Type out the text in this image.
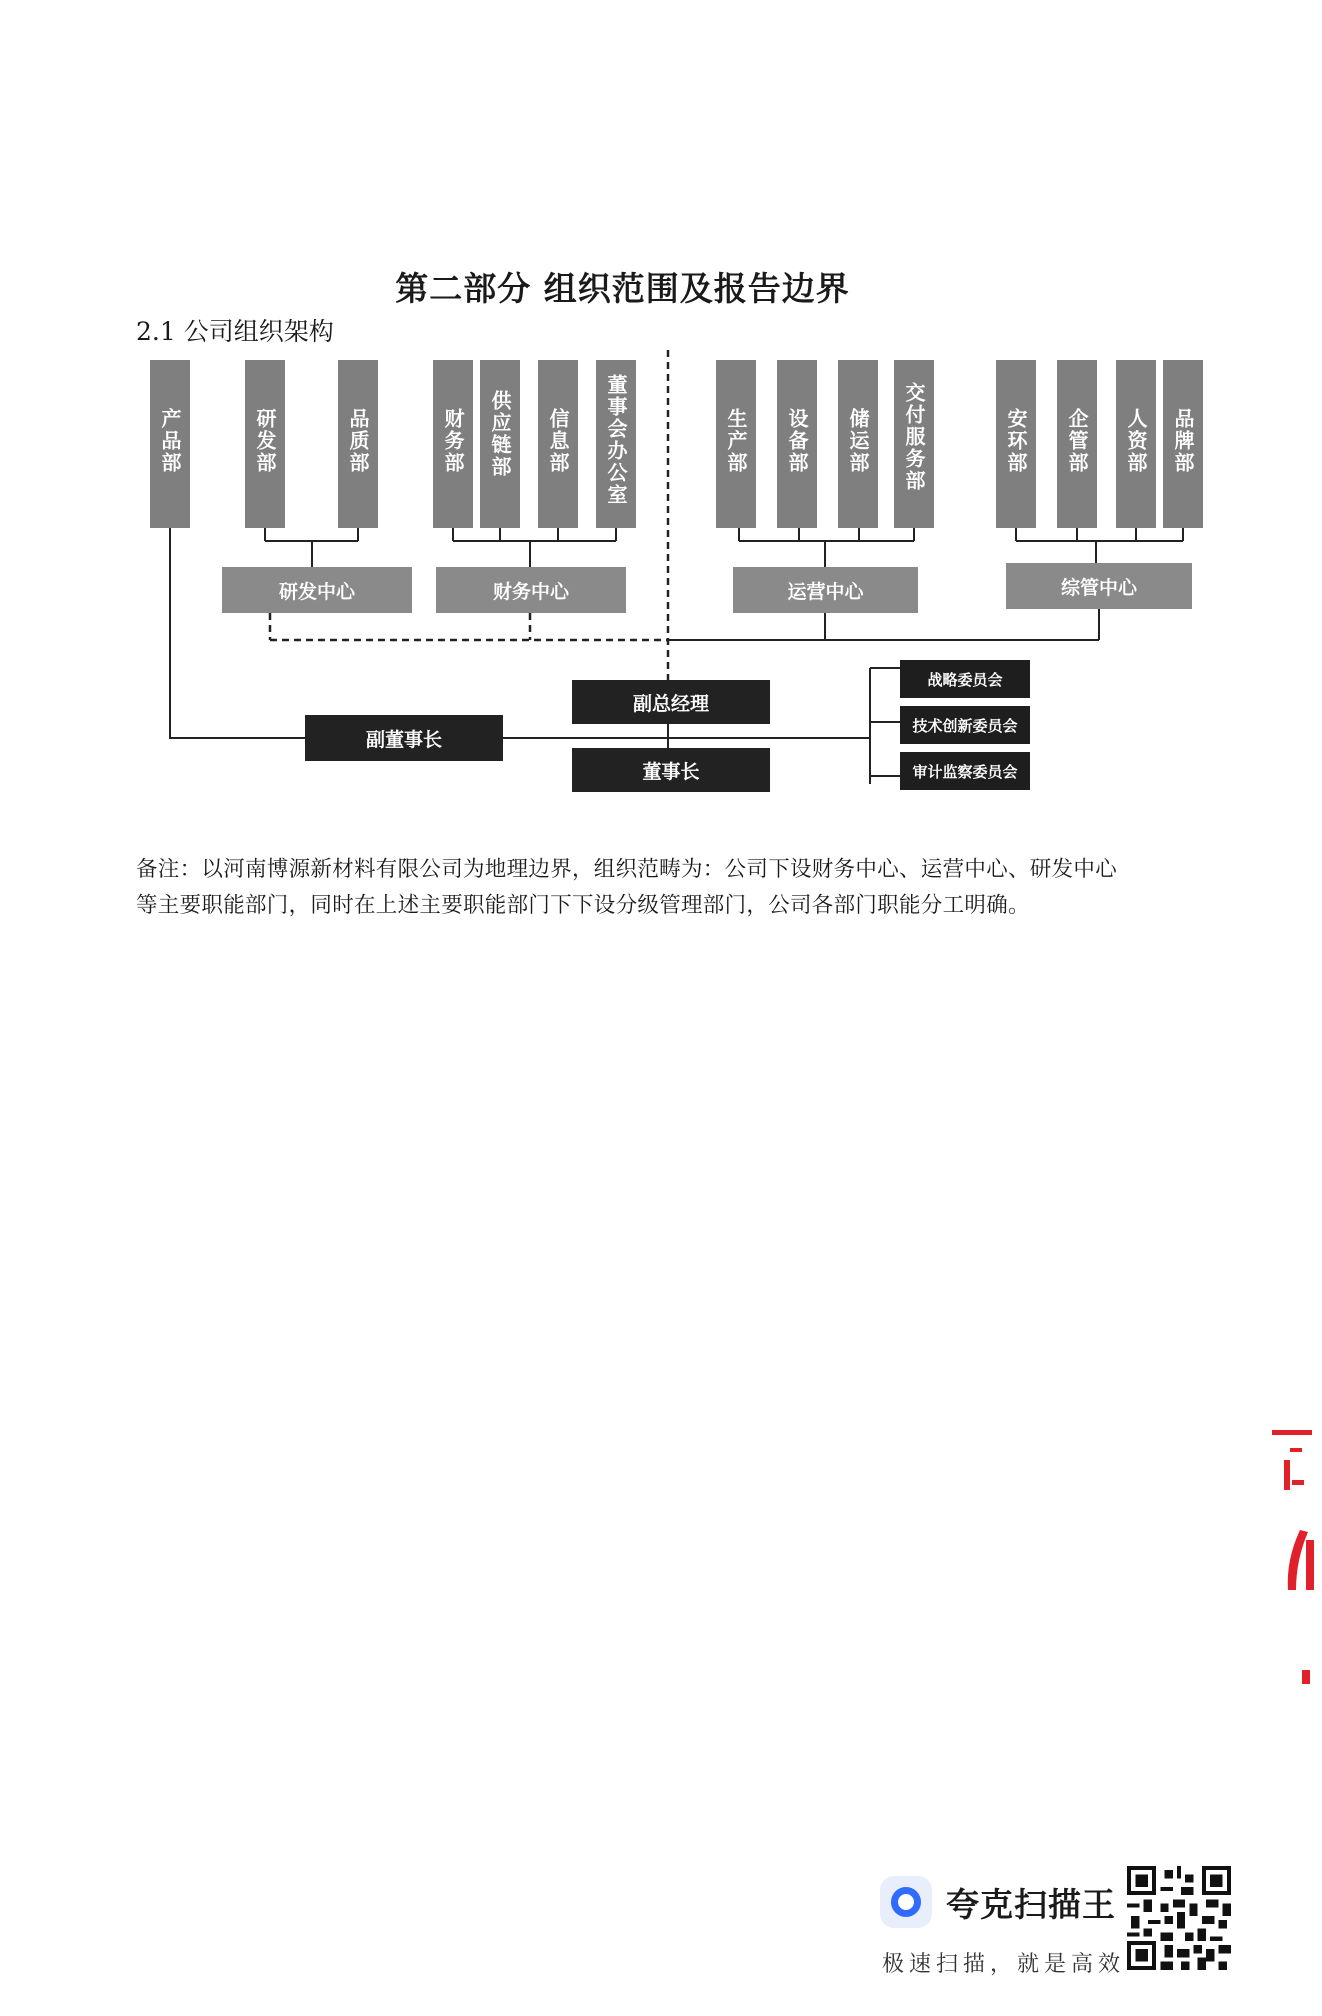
第二部分 组织范围及报告边界
2.1 公司组织架构
产品部	研发部	品质部	财务部 供应链部 信息部 董事会办公室	生产部 设备部 储运部 交付服务部	安环部 企管部 人资部 品牌部
研发中心	财务中心	运营中心	综管中心
副董事长
副总经理
董事长
战略委员会
技术创新委员会
审计监察委员会
备注：以河南博源新材料有限公司为地理边界，组织范畴为：公司下设财务中心、运营中心、研发中心等主要职能部门，同时在上述主要职能部门下下设分级管理部门，公司各部门职能分工明确。
夸克扫描王
极速扫描，就是高效
